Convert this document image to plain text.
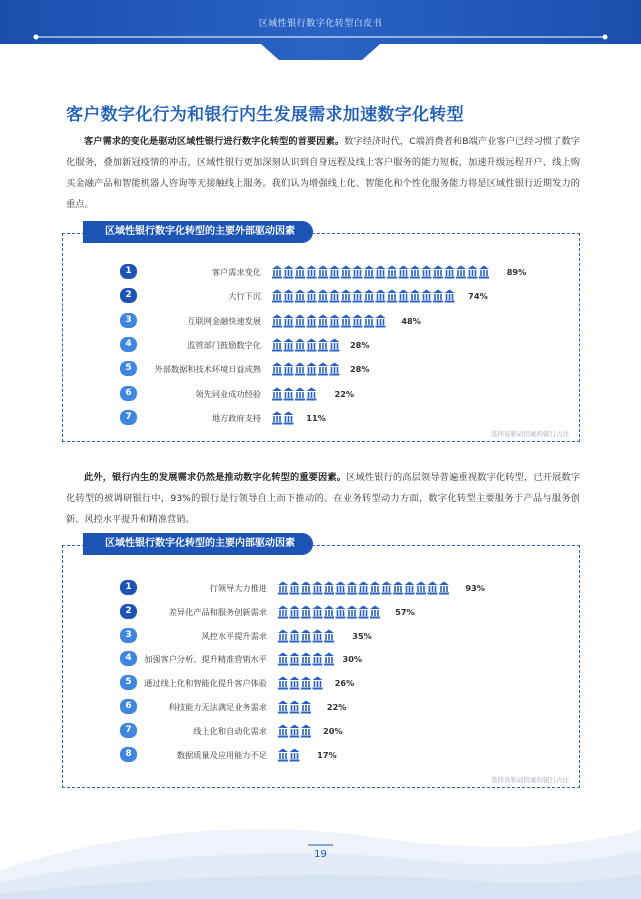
区域性银行数字化转型白皮书
客户数字化行为和银行内生发展需求加速数字化转型
客户需求的变化是驱动区域性银行进行数字化转型的首要因素。数字经济时代，C端消费者和B端产业客户已经习惯了数字化服务，叠加新冠疫情的冲击，区域性银行更加深刻认识到自身远程及线上客户服务的能力短板，加速升级远程开户、线上购买金融产品和智能机器人咨询等无接触线上服务。我们认为增强线上化、智能化和个性化服务能力将是区域性银行近期发力的重点。
区域性银行数字化转型的主要外部驱动因素
1	客户需求变化	89%
2	大行下沉	74%
3	互联网金融快速发展	48%
4	监管部门鼓励数字化	28%
5	外部数据和技术环境日益成熟	28%
6	领先同业成功经验	22%
7	地方政府支持	11%
选择该驱动因素的银行占比
此外，银行内生的发展需求仍然是推动数字化转型的重要因素。区域性银行的高层领导普遍重视数字化转型，已开展数字化转型的被调研银行中，93%的银行是行领导自上而下推动的。在业务转型动力方面，数字化转型主要服务于产品与服务创新、风控水平提升和精准营销。
区域性银行数字化转型的主要内部驱动因素
1	行领导大力推进	93%
2	差异化产品和服务创新需求	57%
3	风控水平提升需求	35%
4	加强客户分析、提升精准营销水平	30%
5	通过线上化和智能化提升客户体验	26%
6	科技能力无法满足业务需求	22%
7	线上化和自动化需求	20%
8	数据质量及应用能力不足	17%
选择该驱动因素的银行占比
19
